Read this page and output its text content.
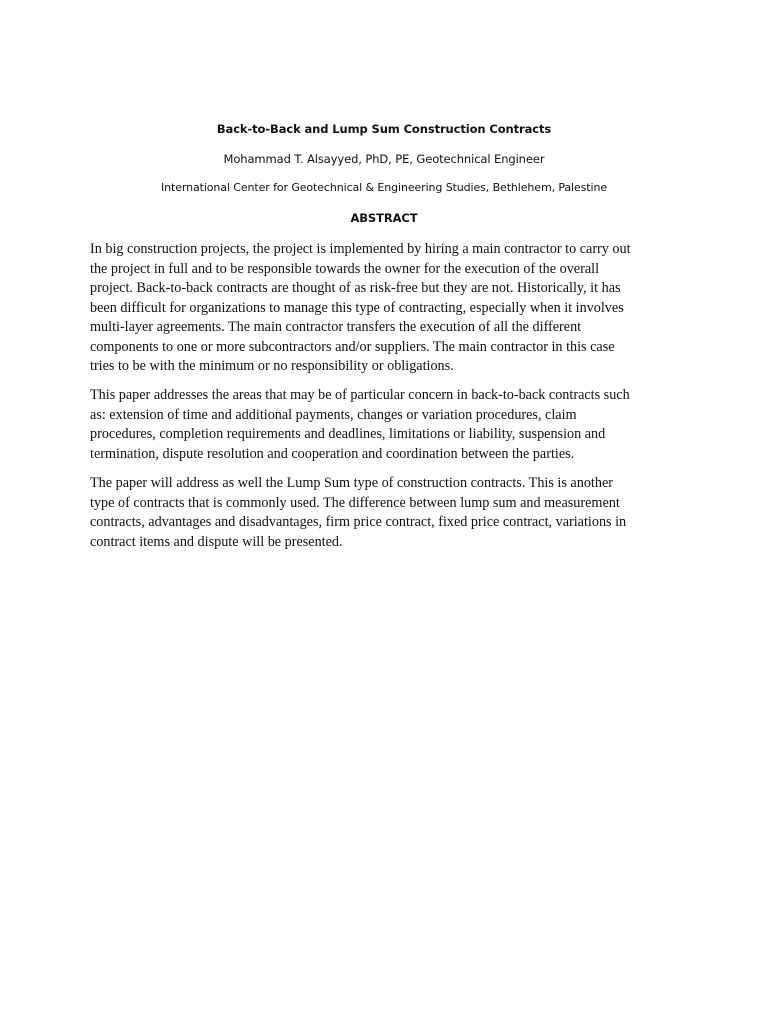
Back-to-Back and Lump Sum Construction Contracts
Mohammad T. Alsayyed, PhD, PE, Geotechnical Engineer
International Center for Geotechnical & Engineering Studies, Bethlehem, Palestine
ABSTRACT

In big construction projects, the project is implemented by hiring a main contractor to carry out
the project in full and to be responsible towards the owner for the execution of the overall
project. Back-to-back contracts are thought of as risk-free but they are not. Historically, it has
been difficult for organizations to manage this type of contracting, especially when it involves
multi-layer agreements. The main contractor transfers the execution of all the different
components to one or more subcontractors and/or suppliers. The main contractor in this case
tries to be with the minimum or no responsibility or obligations.

This paper addresses the areas that may be of particular concern in back-to-back contracts such
as: extension of time and additional payments, changes or variation procedures, claim
procedures, completion requirements and deadlines, limitations or liability, suspension and
termination, dispute resolution and cooperation and coordination between the parties.

The paper will address as well the Lump Sum type of construction contracts. This is another
type of contracts that is commonly used. The difference between lump sum and measurement
contracts, advantages and disadvantages, firm price contract, fixed price contract, variations in
contract items and dispute will be presented.
